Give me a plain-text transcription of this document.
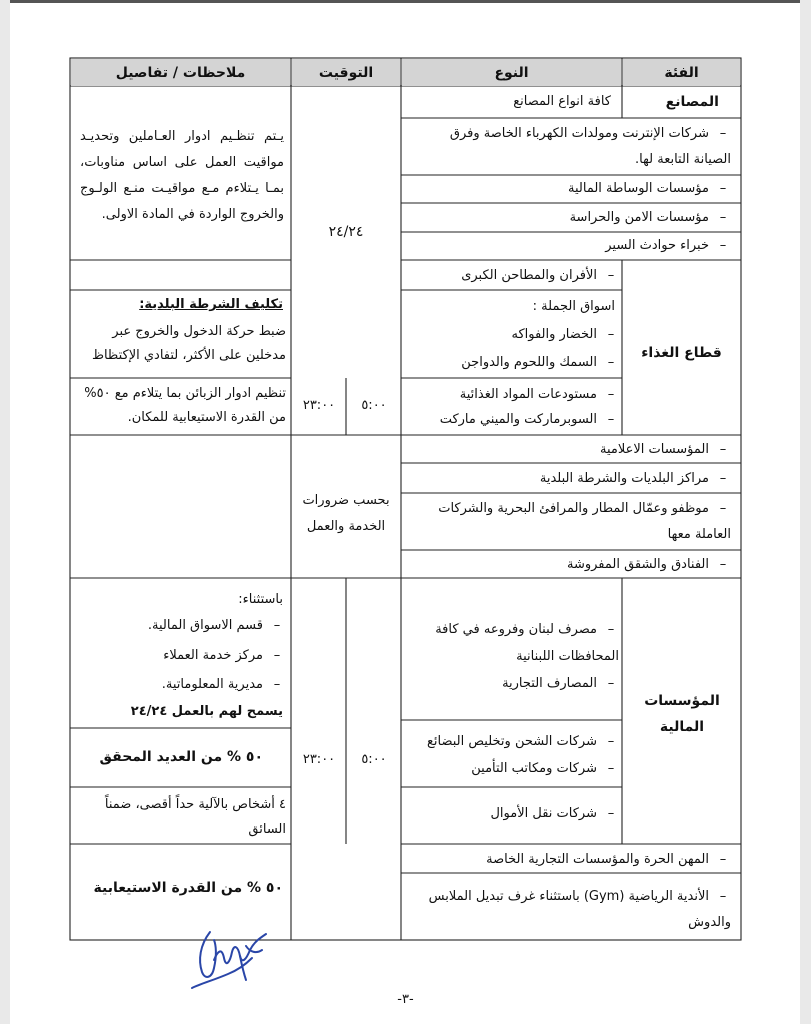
الفئة
النوع
التوقيت
ملاحظات / تفاصيل
المصانع
كافة انواع المصانع
– شركات الإنترنت ومولدات الكهرباء الخاصة وفرق الصيانة التابعة لها.
– مؤسسات الوساطة المالية
– مؤسسات الامن والحراسة
– خبراء حوادث السير
٢٤/٢٤
يـتم تنظـيم ادوار العـاملين وتحديـد مواقيت العمل على اساس مناوبات، بمـا يـتلاءم مـع مواقيـت منـع الولـوج والخروج الواردة في المادة الاولى.
قطاع الغذاء
– الأفران والمطاحن الكبرى
اسواق الجملة :
– الخضار والفواكه
– السمك واللحوم والدواجن
– مستودعات المواد الغذائية
– السوبرماركت والميني ماركت
تكليف الشرطة البلدية:
ضبط حركة الدخول والخروج عبر مدخلين على الأكثر، لتفادي الإكتظاظ
٥:٠٠
٢٣:٠٠
تنظيم ادوار الزبائن بما يتلاءم مع ٥٠% من القدرة الاستيعابية للمكان.
– المؤسسات الاعلامية
– مراكز البلديات والشرطة البلدية
– موظفو وعمّال المطار والمرافئ البحرية والشركات العاملة معها
– الفنادق والشقق المفروشة
بحسب ضرورات الخدمة والعمل
المؤسسات المالية
– مصرف لبنان وفروعه في كافة المحافظات اللبنانية
– المصارف التجارية
– شركات الشحن وتخليص البضائع
– شركات ومكاتب التأمين
– شركات نقل الأموال
باستثناء:
– قسم الاسواق المالية.
– مركز خدمة العملاء
– مديرية المعلوماتية.
يسمح لهم بالعمل ٢٤/٢٤
٥:٠٠
٢٣:٠٠
٥٠ % من العديد المحقق
٤ أشخاص بالآلية حداً أقصى، ضمناً السائق
– المهن الحرة والمؤسسات التجارية الخاصة
– الأندية الرياضية (Gym) باستثناء غرف تبديل الملابس والدوش
٥٠ % من القدرة الاستيعابية
-٣-
